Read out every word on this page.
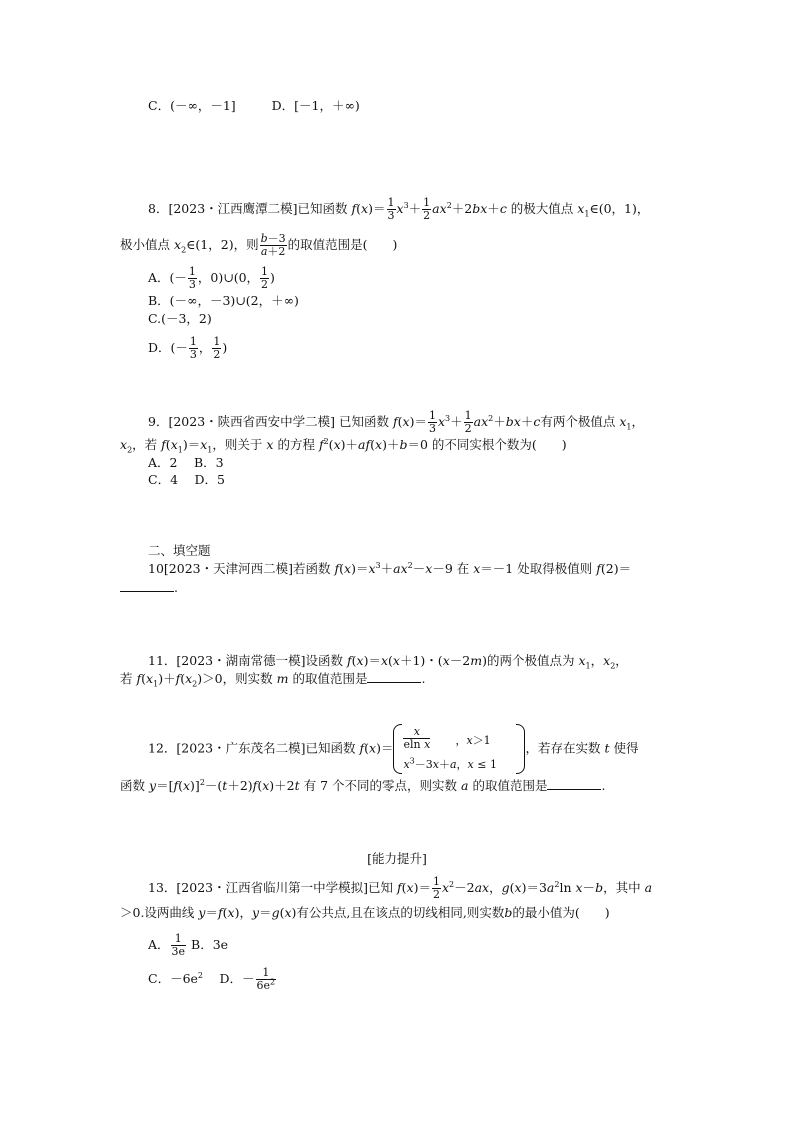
C．(－∞，－1]	D．[－1，＋∞)
8．[2023・江西鹰潭二模]已知函数 $f(x)= \frac{1}{3} x^3+ \frac{1}{2} ax^2+2bx+c$ 的极大值点 $x_1\in(0$，1)，
极小值点 $x_2\in(1$，2)，则 $\frac{b-3}{a+2}$ 的取值范围是(　　)
A．(－ $\frac{1}{3}$ ，0)∪(0， $\frac{1}{2}$ )
B．(－∞，－3)∪(2，＋∞)
C.(－3，2)
D．(－ $\frac{1}{3}$ ， $\frac{1}{2}$ )
9．[2023・陕西省西安中学二模] 已知函数 $f(x)= \frac{1}{3} x^3+ \frac{1}{2} ax^2+bx+c$有两个极值点 $x_1$，
$x_2$，若 $f(x_1)=x_1$，则关于 x 的方程 $f^2(x)+af(x)+b=0$ 的不同实根个数为(　　)
A．2　 B．3
C．4　 D．5
二、填空题
10[2023・天津河西二模]若函数 $f(x)=x^3+ax^2-x-9$ 在 x＝－1 处取得极值则 f(2)＝
.
11．[2023・湖南常德一模]设函数 f(x)＝x(x＋1)・(x－2m)的两个极值点为 $x_1$，$x_2$，
若 $f(x_1)+f(x_2)>0$，则实数 m 的取值范围是	.
12．[2023・广东茂名二模]已知函数 $f(x)= \frac{x}{\text{eln x}}$ ，x＞1
$x^3-3x+a$，x ≤ 1
，若存在实数 t 使得
函数 $y=[f(x)]^2-(t+2)f(x)+2t$ 有 7 个不同的零点，则实数 a 的取值范围是	.
[能力提升]
13．[2023・江西省临川第一中学模拟]已知 $f(x)= \frac{1}{2} x^2-2ax$，$g(x)=3a^2\ln$ x－b，其中 a
＞0.设两曲线 y＝f(x)，y＝g(x)有公共点,且在该点的切线相同,则实数b的最小值为(　　)
A． $\frac{1}{3e}$ B．3e
C．$-6e^2$　 D．－ $\frac{1}{6e^2}$
